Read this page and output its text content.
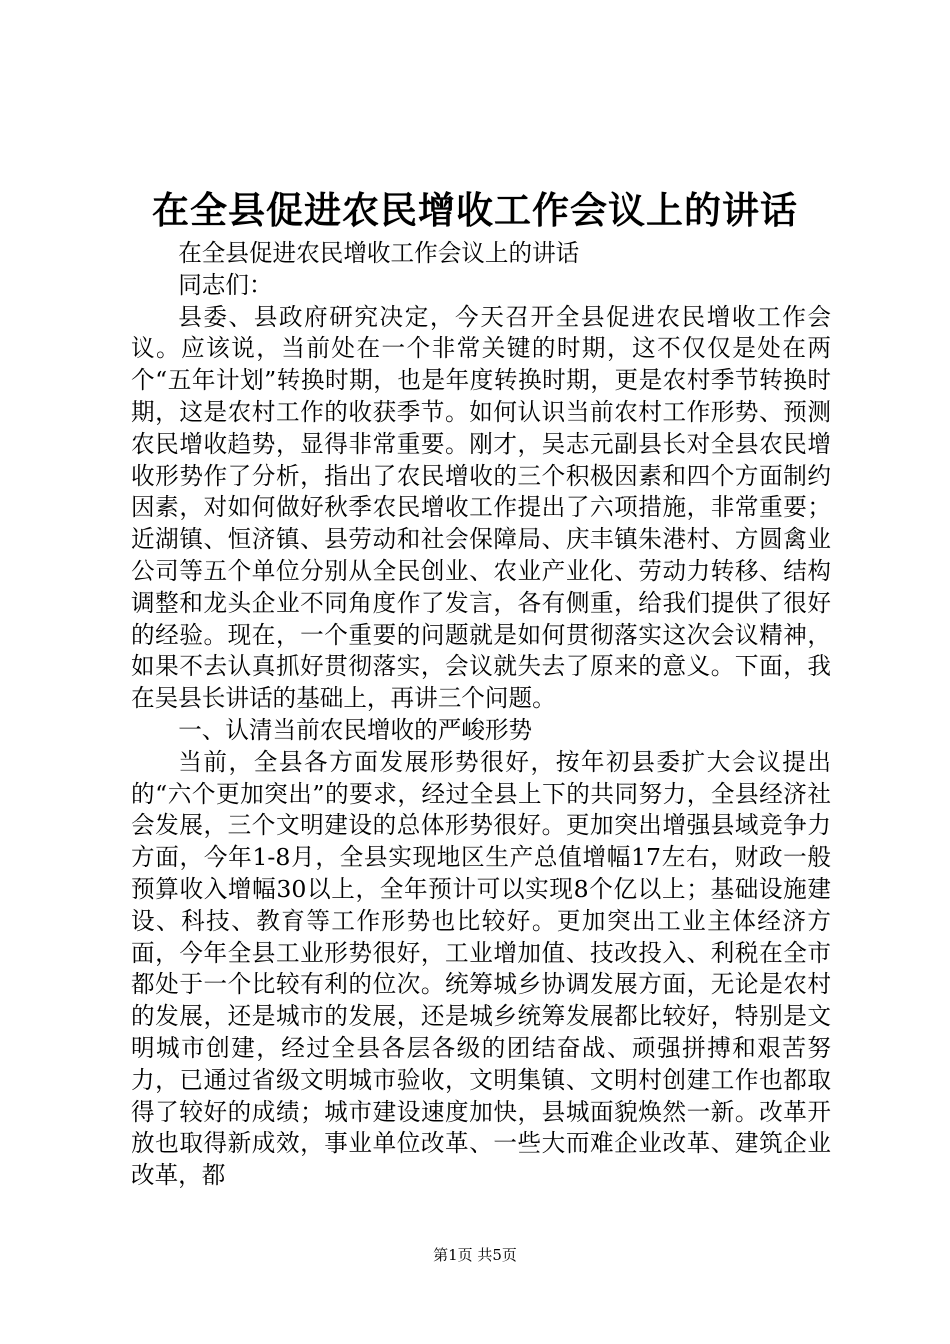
在全县促进农民增收工作会议上的讲话

在全县促进农民增收工作会议上的讲话

同志们：

县委、县政府研究决定，今天召开全县促进农民增收工作会议。应该说，当前处在一个非常关键的时期，这不仅仅是处在两个“五年计划”转换时期，也是年度转换时期，更是农村季节转换时期，这是农村工作的收获季节。如何认识当前农村工作形势、预测农民增收趋势，显得非常重要。刚才，吴志元副县长对全县农民增收形势作了分析，指出了农民增收的三个积极因素和四个方面制约因素，对如何做好秋季农民增收工作提出了六项措施，非常重要；近湖镇、恒济镇、县劳动和社会保障局、庆丰镇朱港村、方圆禽业公司等五个单位分别从全民创业、农业产业化、劳动力转移、结构调整和龙头企业不同角度作了发言，各有侧重，给我们提供了很好的经验。现在，一个重要的问题就是如何贯彻落实这次会议精神，如果不去认真抓好贯彻落实，会议就失去了原来的意义。下面，我在吴县长讲话的基础上，再讲三个问题。

一、认清当前农民增收的严峻形势

当前，全县各方面发展形势很好，按年初县委扩大会议提出的“六个更加突出”的要求，经过全县上下的共同努力，全县经济社会发展，三个文明建设的总体形势很好。更加突出增强县域竞争力方面，今年1-8月，全县实现地区生产总值增幅17左右，财政一般预算收入增幅30以上，全年预计可以实现8个亿以上；基础设施建设、科技、教育等工作形势也比较好。更加突出工业主体经济方面，今年全县工业形势很好，工业增加值、技改投入、利税在全市都处于一个比较有利的位次。统筹城乡协调发展方面，无论是农村的发展，还是城市的发展，还是城乡统筹发展都比较好，特别是文明城市创建，经过全县各层各级的团结奋战、顽强拼搏和艰苦努力，已通过省级文明城市验收，文明集镇、文明村创建工作也都取得了较好的成绩；城市建设速度加快，县城面貌焕然一新。改革开放也取得新成效，事业单位改革、一些大而难企业改革、建筑企业改革，都

第1页 共5页
